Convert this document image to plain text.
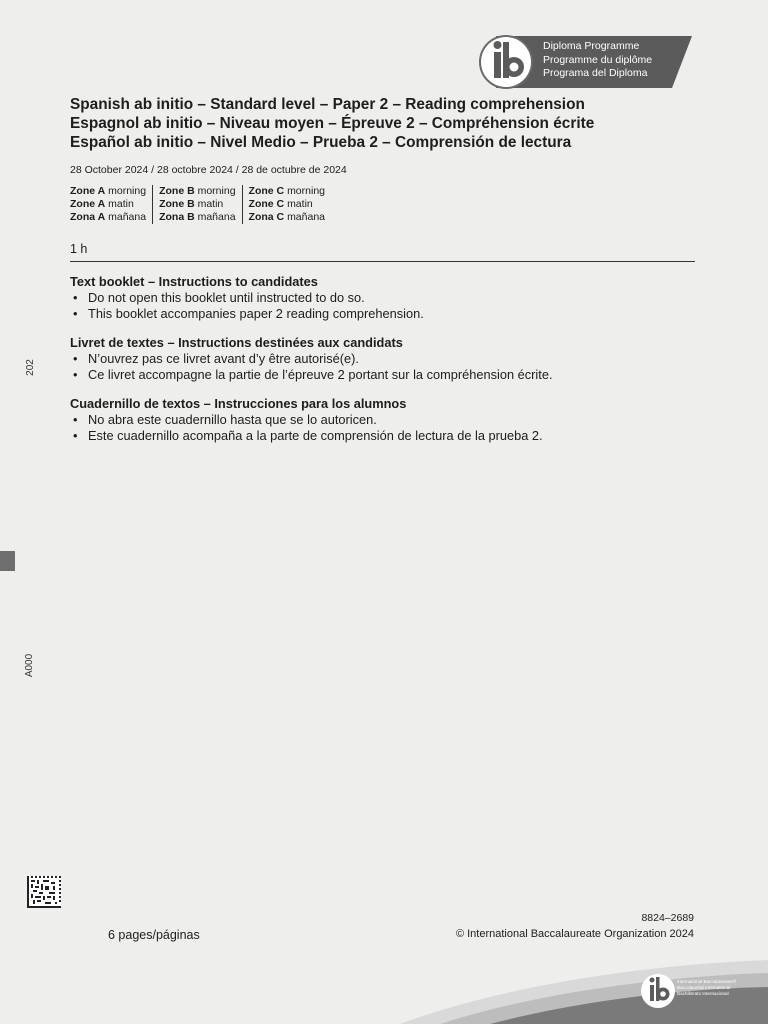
Diploma Programme
Programme du diplôme
Programa del Diploma
Spanish ab initio – Standard level – Paper 2 – Reading comprehension
Espagnol ab initio – Niveau moyen – Épreuve 2 – Compréhension écrite
Español ab initio – Nivel Medio – Prueba 2 – Comprensión de lectura
28 October 2024 / 28 octobre 2024 / 28 de octubre de 2024
Zone A morning
Zone A matin
Zona A mañana
Zone B morning
Zone B matin
Zona B mañana
Zone C morning
Zone C matin
Zona C mañana
1 h
Text booklet – Instructions to candidates
• Do not open this booklet until instructed to do so.
• This booklet accompanies paper 2 reading comprehension.
Livret de textes – Instructions destinées aux candidats
• N’ouvrez pas ce livret avant d’y être autorisé(e).
• Ce livret accompagne la partie de l’épreuve 2 portant sur la compréhension écrite.
Cuadernillo de textos – Instrucciones para los alumnos
• No abra este cuadernillo hasta que se lo autoricen.
• Este cuadernillo acompaña a la parte de comprensión de lectura de la prueba 2.
202
A000
6 pages/páginas
8824–2689
© International Baccalaureate Organization 2024
International Baccalaureate®
Baccalauréat International
Bachillerato Internacional
